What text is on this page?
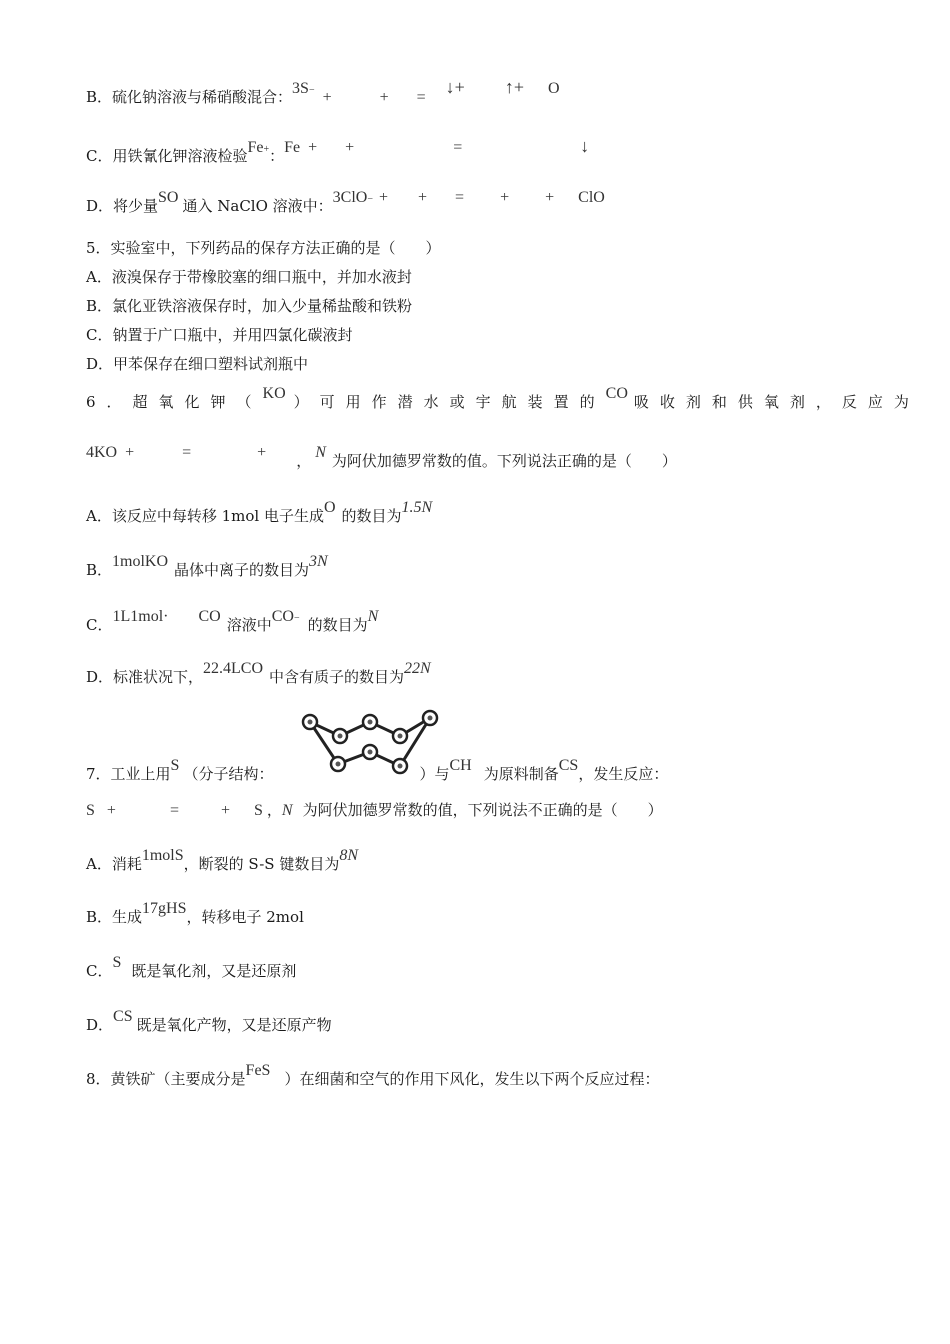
B．硫化钠溶液与稀硝酸混合：3S− +	+ =↓+ ↑+ O
C．用铁氰化钾溶液检验Fe+：Fe + +	=	↓
D．将少量SO 通入 NaClO 溶液中：3ClO− + + = + + ClO
5．实验室中，下列药品的保存方法正确的是（　　）
A．液溴保存于带橡胶塞的细口瓶中，并加水液封
B．氯化亚铁溶液保存时，加入少量稀盐酸和铁粉
C．钠置于广口瓶中，并用四氯化碳液封
D．甲苯保存在细口塑料试剂瓶中
6．超氧化钾（KO ）可用作潜水或宇航装置的CO 吸收剂和供氧剂，反应为
4KO +	=	+ ， N 为阿伏加德罗常数的值。下列说法正确的是（　　）
A．该反应中每转移 1mol 电子生成O 的数目为1.5N
B．1molKO 晶体中离子的数目为3N
C．1L1mol· CO 溶液中CO− 的数目为N
D．标准状况下，22.4LCO 中含有质子的数目为22N
7．工业上用S （分子结构：	）与CH 为原料制备CS，发生反应：
S +	=	+ S ，N 为阿伏加德罗常数的值，下列说法不正确的是（　　）
A．消耗1molS，断裂的 S-S 键数目为8N
B．生成17gHS，转移电子 2mol
C．S 既是氧化剂，又是还原剂
D．CS 既是氧化产物，又是还原产物
8．黄铁矿（主要成分是FeS ）在细菌和空气的作用下风化，发生以下两个反应过程：
